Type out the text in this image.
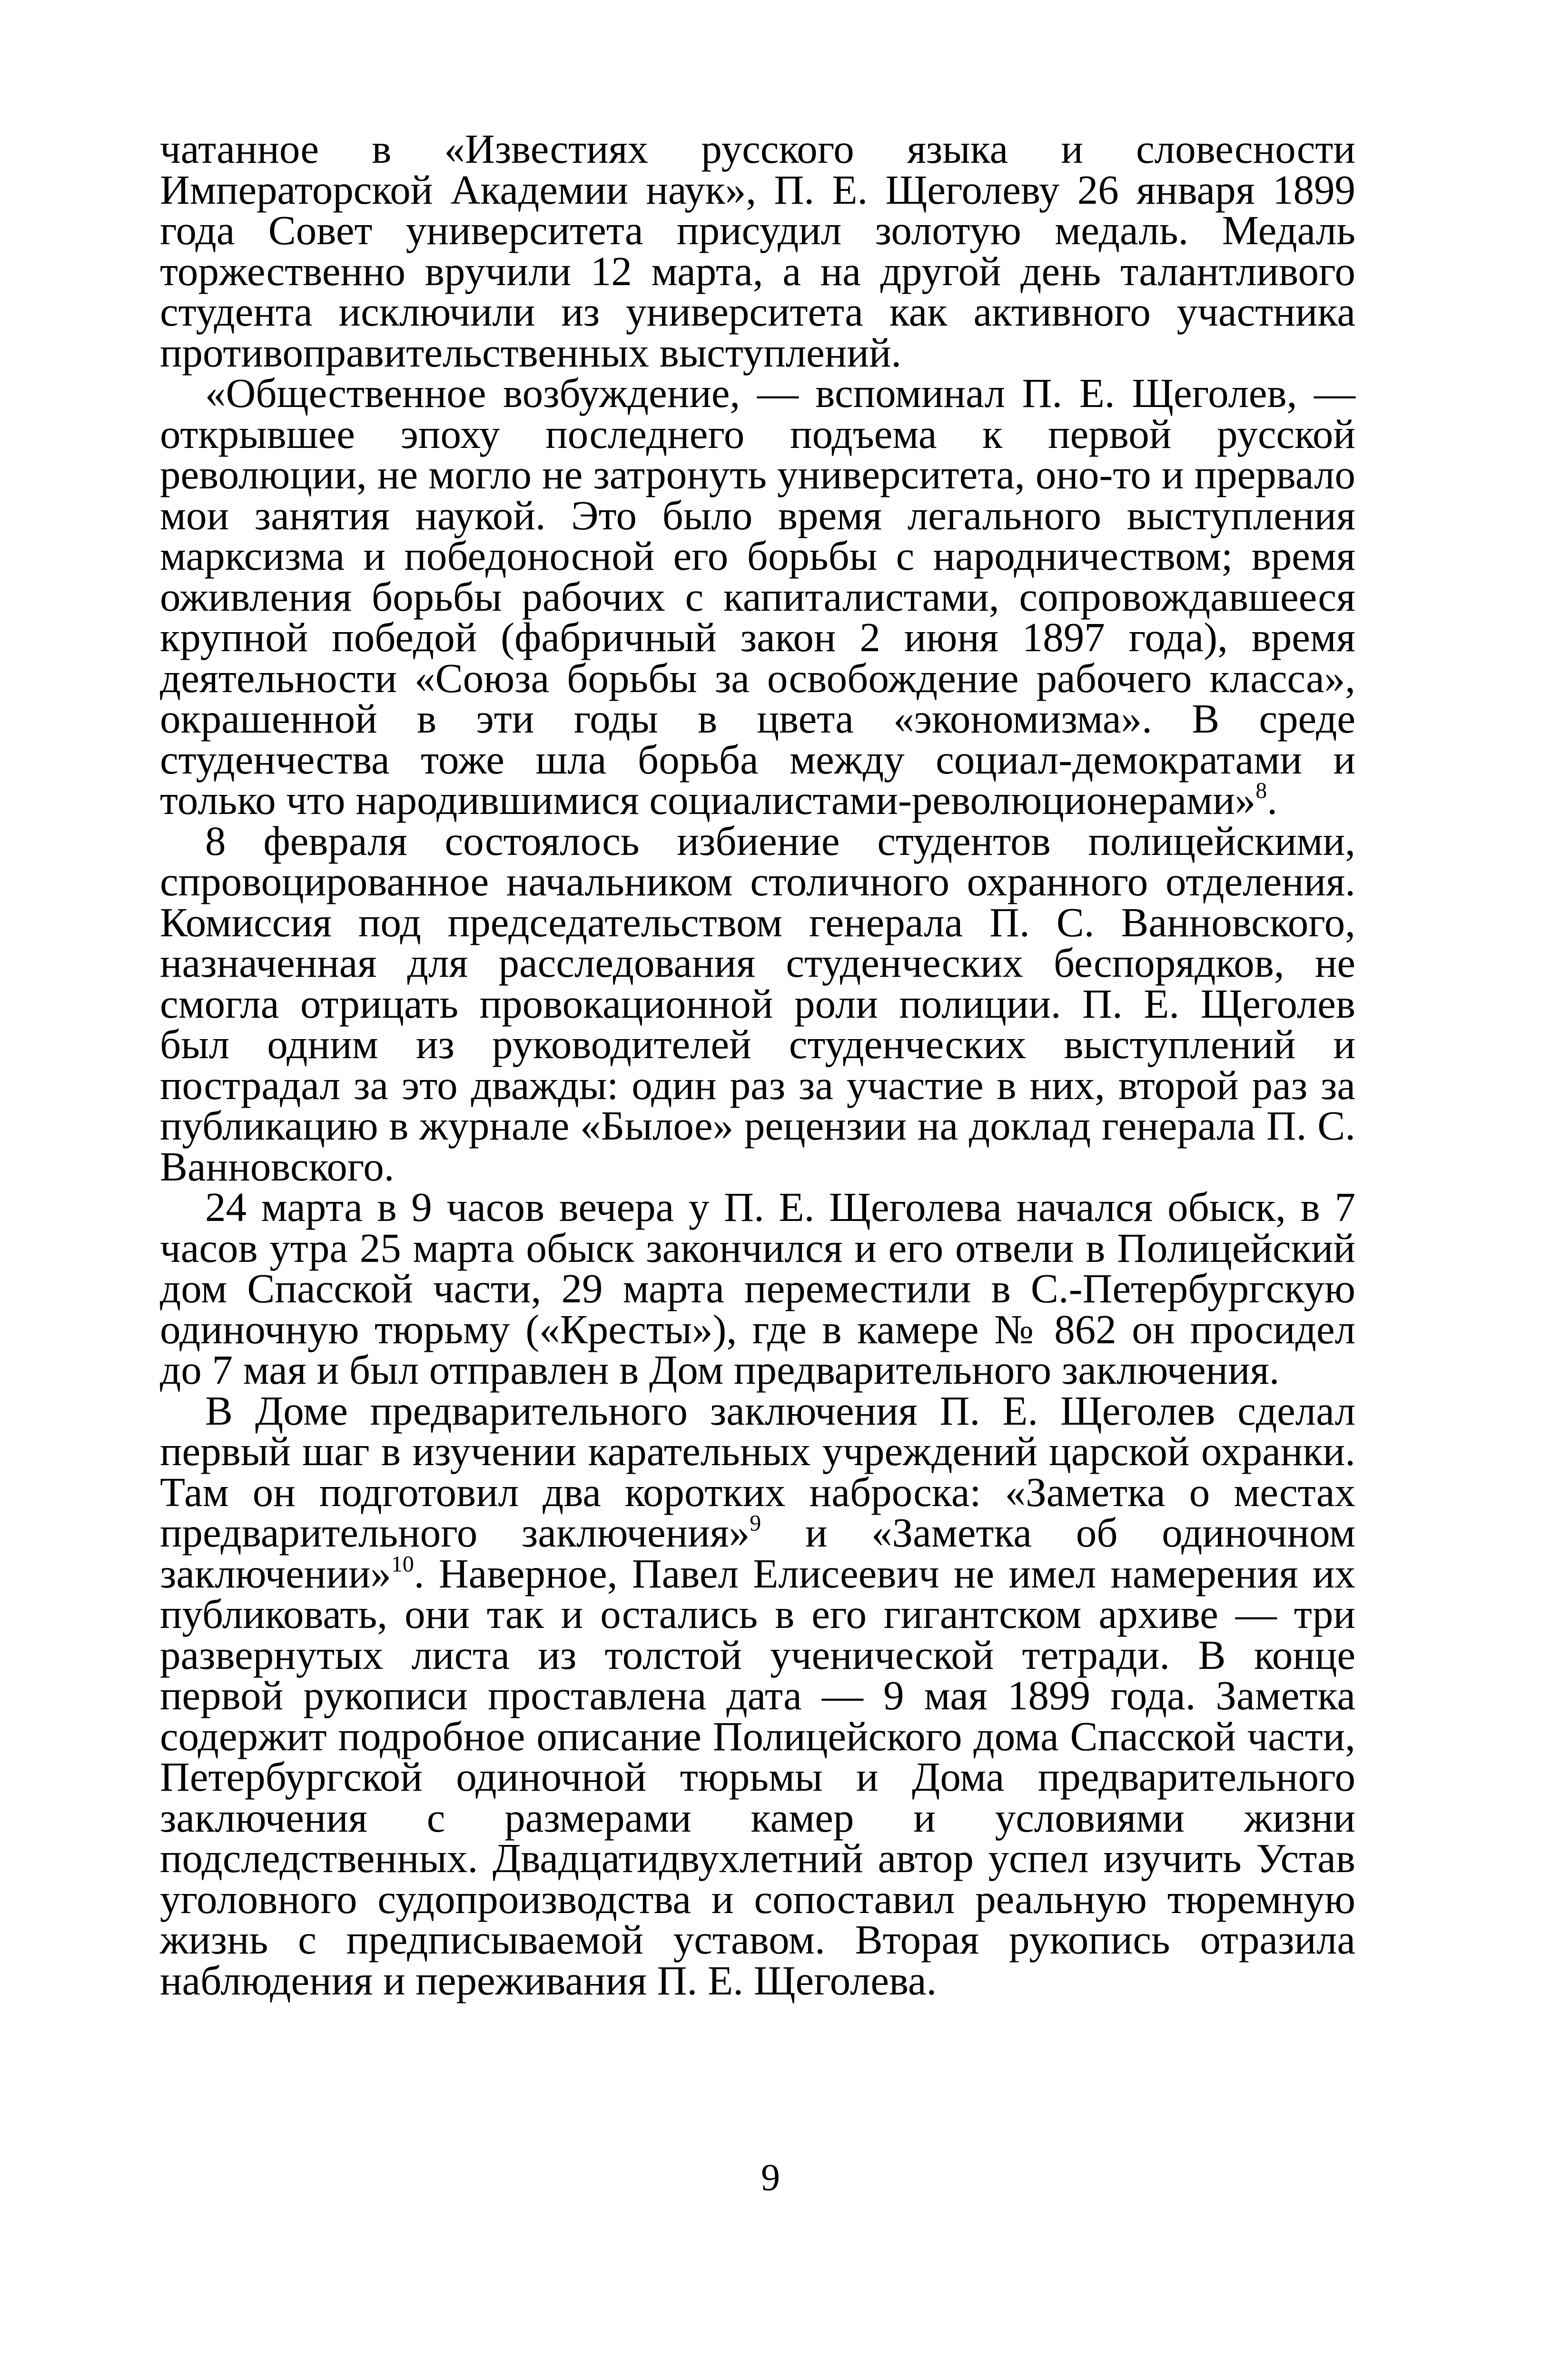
чатанное в «Известиях русского языка и словесности Императорской Академии наук», П. Е. Щеголеву 26 января 1899 года Совет университета присудил золотую медаль. Медаль торжественно вручили 12 марта, а на другой день талантливого студента исключили из университета как активного участника противоправительственных выступлений.

«Общественное возбуждение, — вспоминал П. Е. Щеголев, — открывшее эпоху последнего подъема к первой русской революции, не могло не затронуть университета, оно-то и прервало мои занятия наукой. Это было время легального выступления марксизма и победоносной его борьбы с народничеством; время оживления борьбы рабочих с капиталистами, сопровождавшееся крупной победой (фабричный закон 2 июня 1897 года), время деятельности «Союза борьбы за освобождение рабочего класса», окрашенной в эти годы в цвета «экономизма». В среде студенчества тоже шла борьба между социал-демократами и только что народившимися социалистами-революционерами»$^8$.

8 февраля состоялось избиение студентов полицейскими, спровоцированное начальником столичного охранного отделения. Комиссия под председательством генерала П. С. Ванновского, назначенная для расследования студенческих беспорядков, не смогла отрицать провокационной роли полиции. П. Е. Щеголев был одним из руководителей студенческих выступлений и пострадал за это дважды: один раз за участие в них, второй раз за публикацию в журнале «Былое» рецензии на доклад генерала П. С. Ванновского.

24 марта в 9 часов вечера у П. Е. Щеголева начался обыск, в 7 часов утра 25 марта обыск закончился и его отвели в Полицейский дом Спасской части, 29 марта переместили в С.-Петербургскую одиночную тюрьму («Кресты»), где в камере № 862 он просидел до 7 мая и был отправлен в Дом предварительного заключения.

В Доме предварительного заключения П. Е. Щеголев сделал первый шаг в изучении карательных учреждений царской охранки. Там он подготовил два коротких наброска: «Заметка о местах предварительного заключения»$^9$ и «Заметка об одиночном заключении»$^{10}$. Наверное, Павел Елисеевич не имел намерения их публиковать, они так и остались в его гигантском архиве — три развернутых листа из толстой ученической тетради. В конце первой рукописи проставлена дата — 9 мая 1899 года. Заметка содержит подробное описание Полицейского дома Спасской части, Петербургской одиночной тюрьмы и Дома предварительного заключения с размерами камер и условиями жизни подследственных. Двадцатидвухлетний автор успел изучить Устав уголовного судопроизводства и сопоставил реальную тюремную жизнь с предписываемой уставом. Вторая рукопись отразила наблюдения и переживания П. Е. Щеголева.

9
